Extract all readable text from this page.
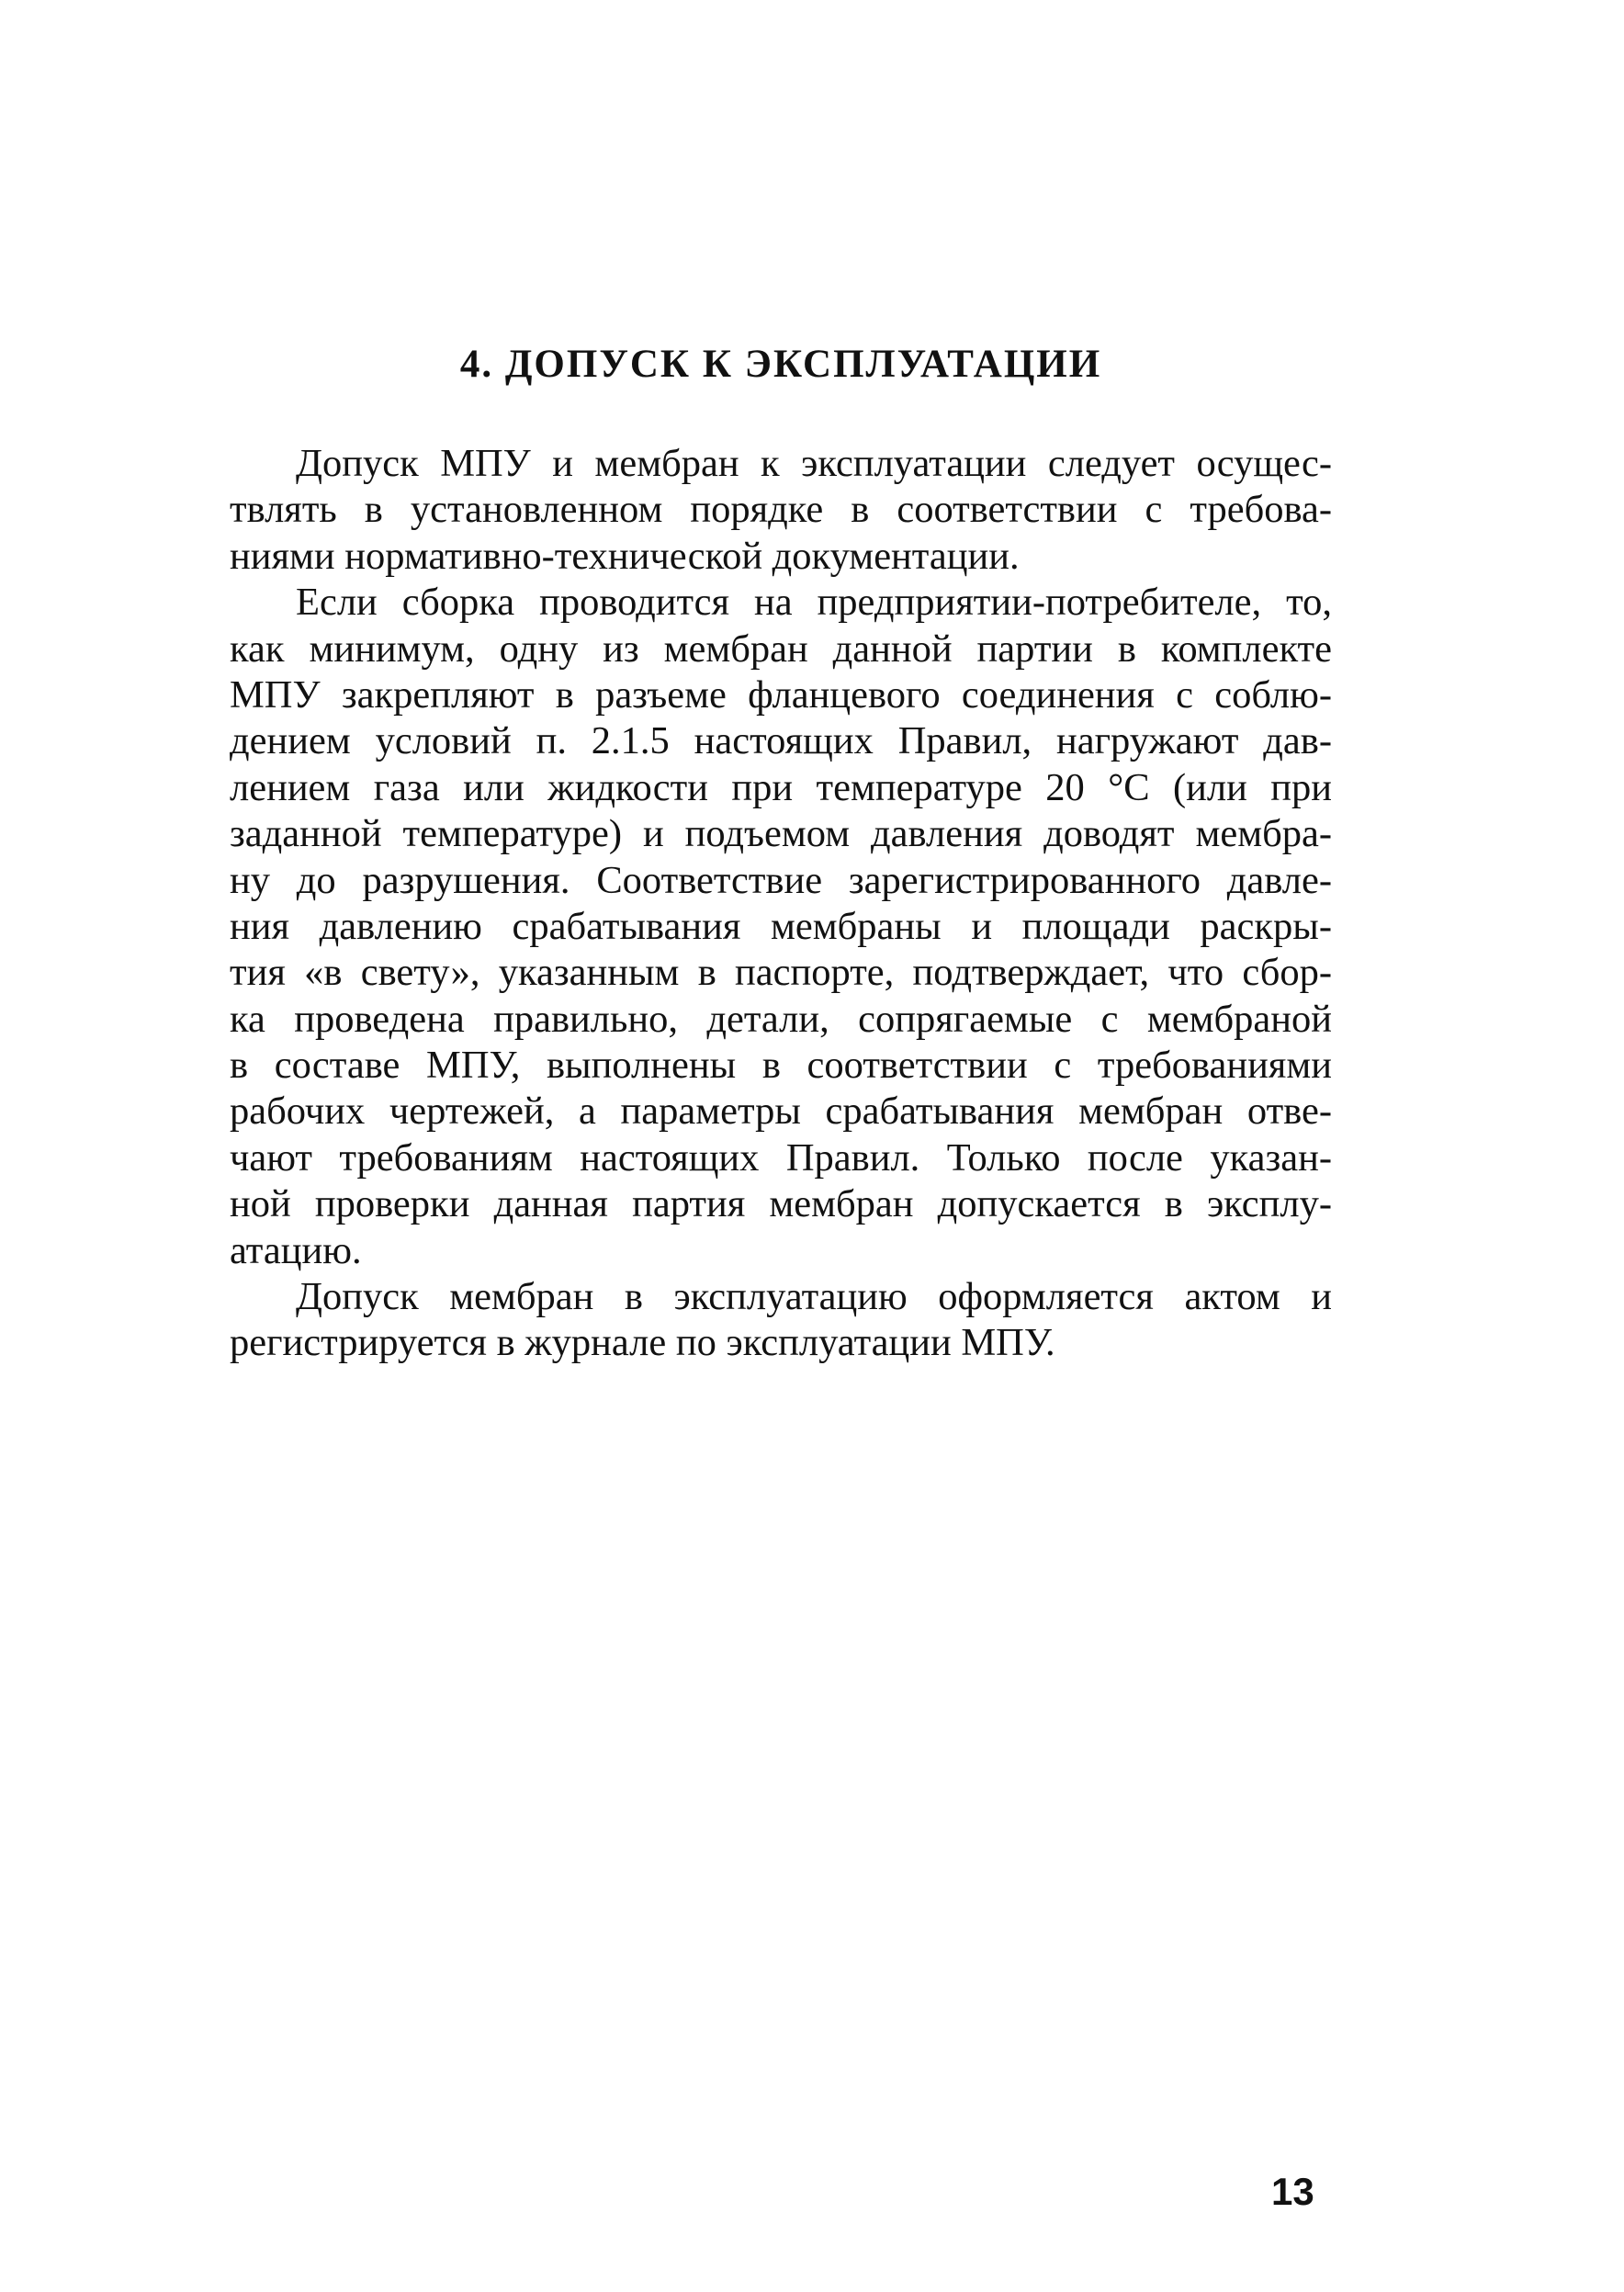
4. ДОПУСК К ЭКСПЛУАТАЦИИ

Допуск МПУ и мембран к эксплуатации следует осущес-
твлять в установленном порядке в соответствии с требова-
ниями нормативно-технической документации.

Если сборка проводится на предприятии-потребителе, то,
как минимум, одну из мембран данной партии в комплекте
МПУ закрепляют в разъеме фланцевого соединения с соблю-
дением условий п. 2.1.5 настоящих Правил, нагружают дав-
лением газа или жидкости при температуре 20 °С (или при
заданной температуре) и подъемом давления доводят мембра-
ну до разрушения. Соответствие зарегистрированного давле-
ния давлению срабатывания мембраны и площади раскры-
тия «в свету», указанным в паспорте, подтверждает, что сбор-
ка проведена правильно, детали, сопрягаемые с мембраной
в составе МПУ, выполнены в соответствии с требованиями
рабочих чертежей, а параметры срабатывания мембран отве-
чают требованиям настоящих Правил. Только после указан-
ной проверки данная партия мембран допускается в эксплу-
атацию.

Допуск мембран в эксплуатацию оформляется актом и
регистрируется в журнале по эксплуатации МПУ.

13
